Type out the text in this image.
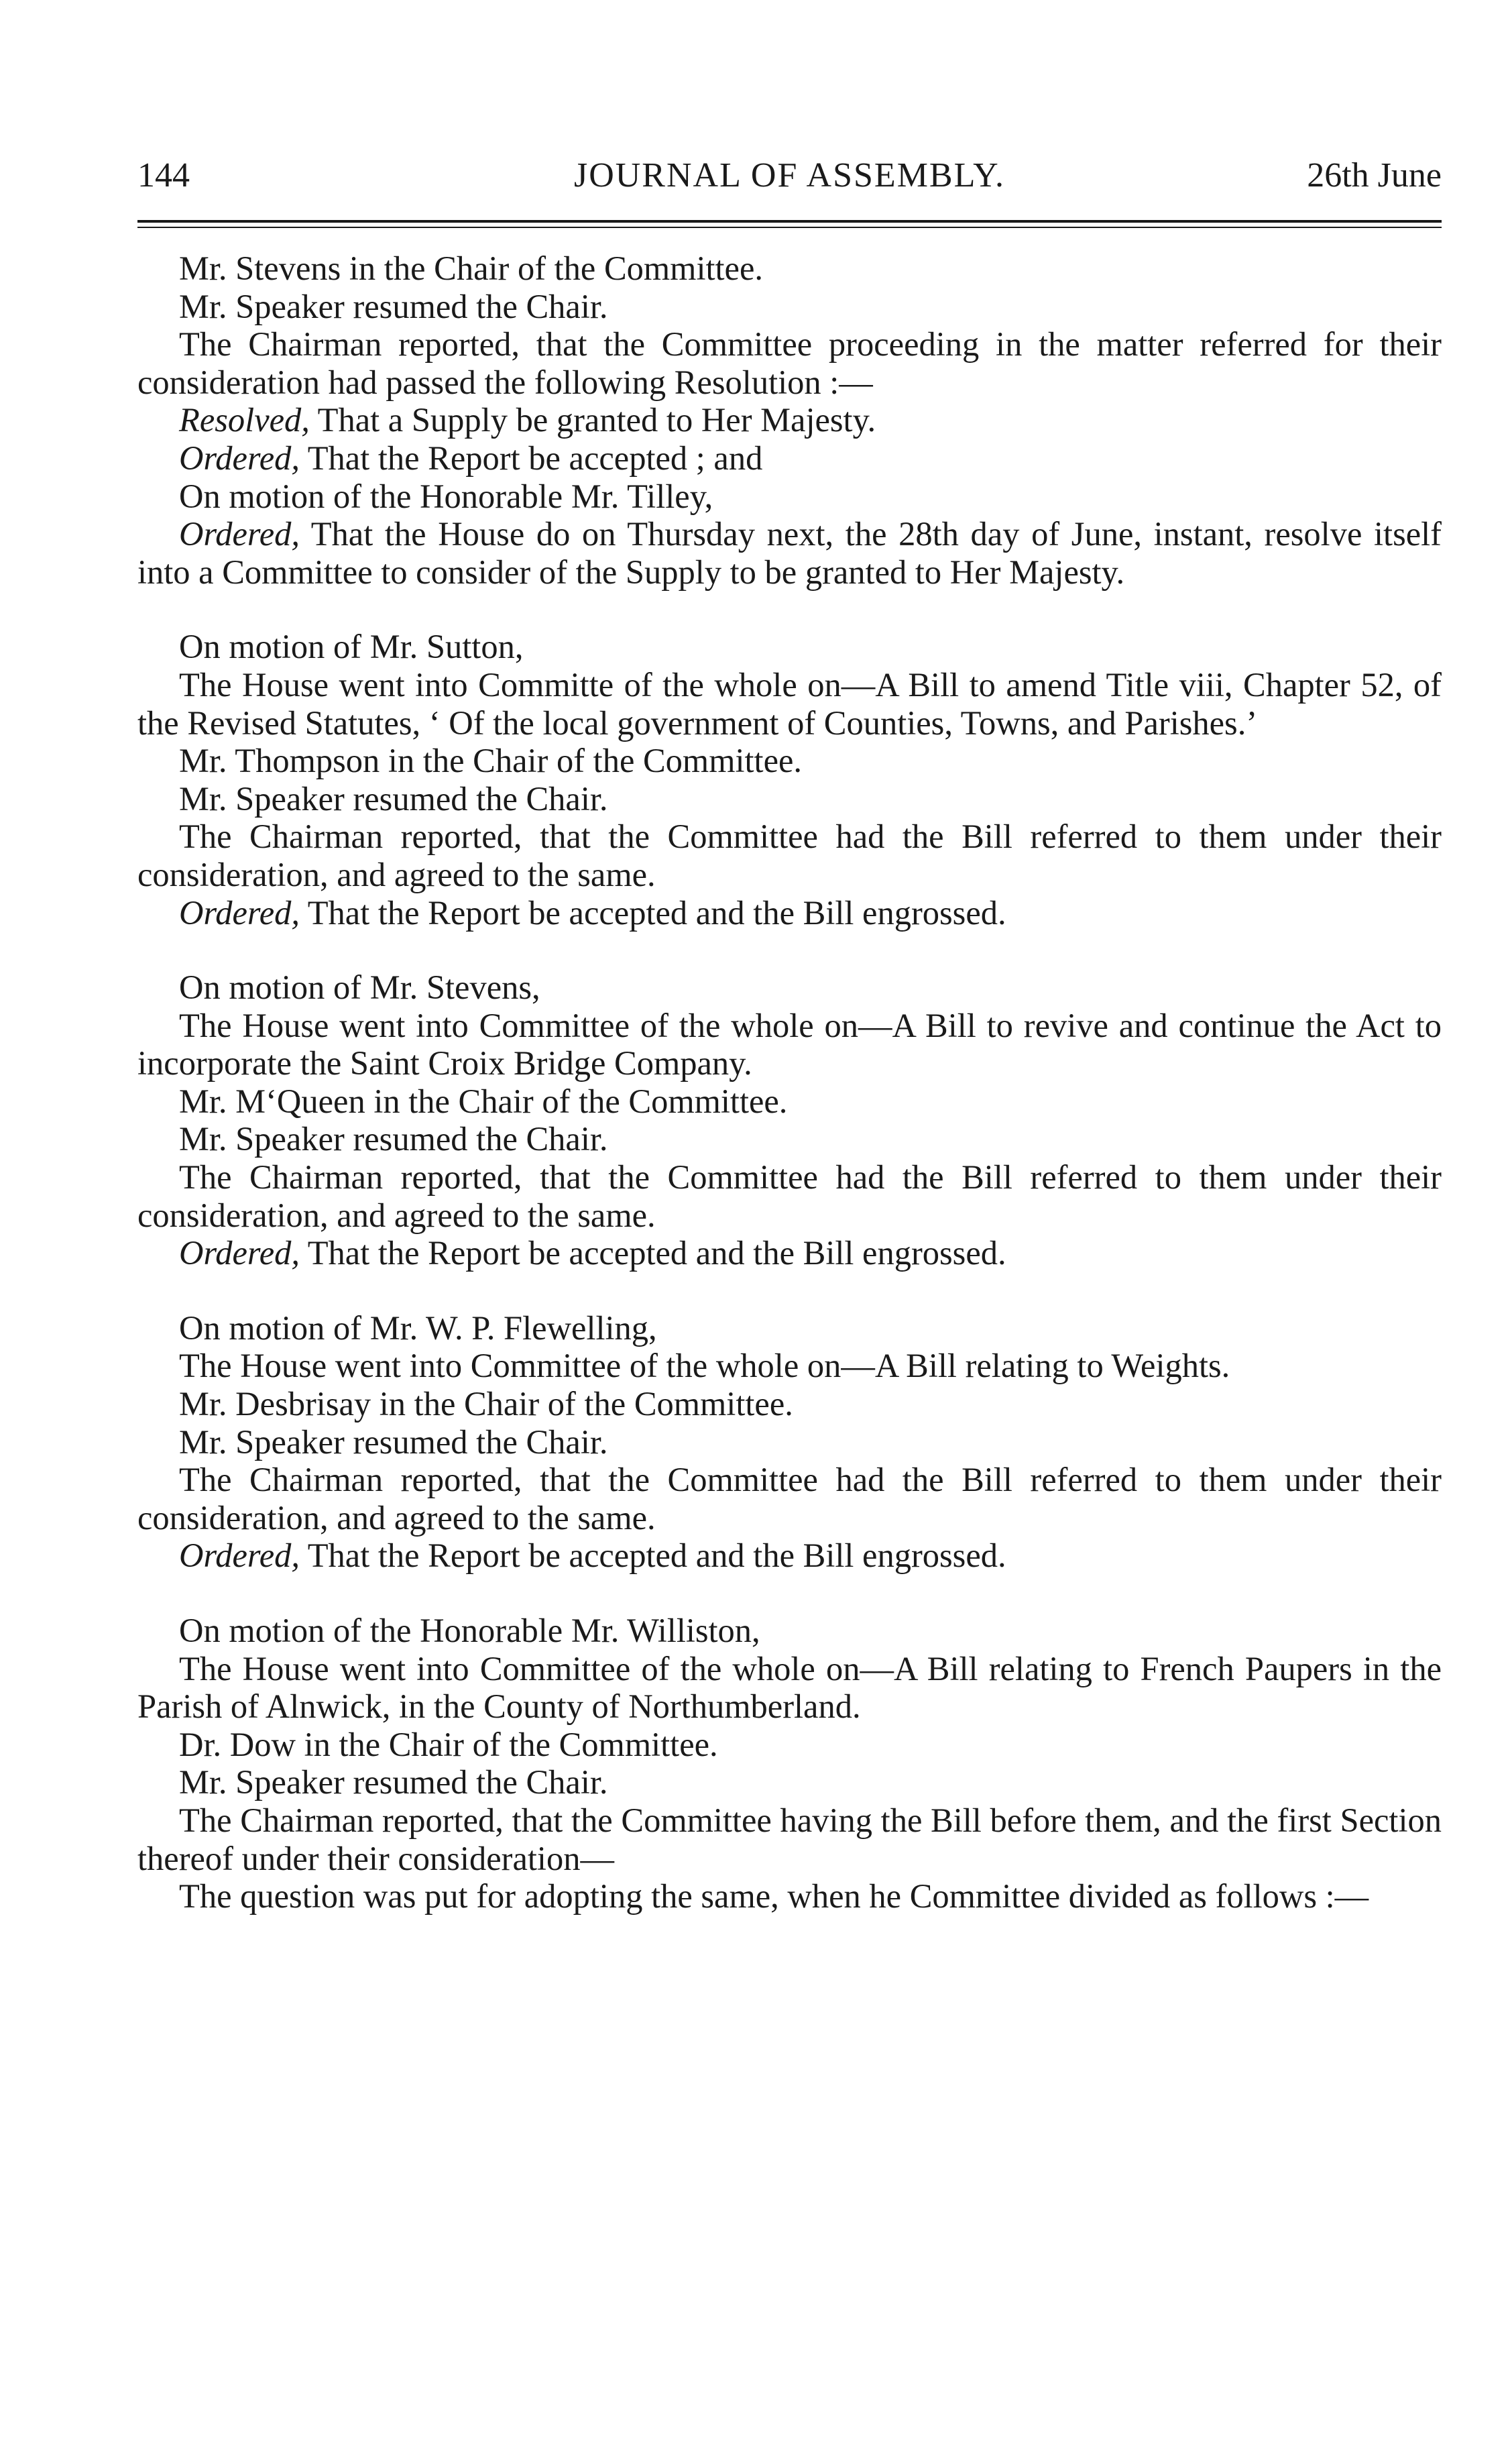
144	JOURNAL OF ASSEMBLY.	26th June

Mr. Stevens in the Chair of the Committee.

Mr. Speaker resumed the Chair.

The Chairman reported, that the Committee proceeding in the matter referred for their consideration had passed the following Resolution :—

Resolved, That a Supply be granted to Her Majesty.

Ordered, That the Report be accepted ; and

On motion of the Honorable Mr. Tilley,

Ordered, That the House do on Thursday next, the 28th day of June, instant, resolve itself into a Committee to consider of the Supply to be granted to Her Majesty.

On motion of Mr. Sutton,

The House went into Committe of the whole on—A Bill to amend Title viii, Chapter 52, of the Revised Statutes, ‘ Of the local government of Counties, Towns, and Parishes.’

Mr. Thompson in the Chair of the Committee.

Mr. Speaker resumed the Chair.

The Chairman reported, that the Committee had the Bill referred to them under their consideration, and agreed to the same.

Ordered, That the Report be accepted and the Bill engrossed.

On motion of Mr. Stevens,

The House went into Committee of the whole on—A Bill to revive and continue the Act to incorporate the Saint Croix Bridge Company.

Mr. M‘Queen in the Chair of the Committee.

Mr. Speaker resumed the Chair.

The Chairman reported, that the Committee had the Bill referred to them under their consideration, and agreed to the same.

Ordered, That the Report be accepted and the Bill engrossed.

On motion of Mr. W. P. Flewelling,

The House went into Committee of the whole on—A Bill relating to Weights.

Mr. Desbrisay in the Chair of the Committee.

Mr. Speaker resumed the Chair.

The Chairman reported, that the Committee had the Bill referred to them under their consideration, and agreed to the same.

Ordered, That the Report be accepted and the Bill engrossed.

On motion of the Honorable Mr. Williston,

The House went into Committee of the whole on—A Bill relating to French Paupers in the Parish of Alnwick, in the County of Northumberland.

Dr. Dow in the Chair of the Committee.

Mr. Speaker resumed the Chair.

The Chairman reported, that the Committee having the Bill before them, and the first Section thereof under their consideration—

The question was put for adopting the same, when he Committee divided as follows :—
